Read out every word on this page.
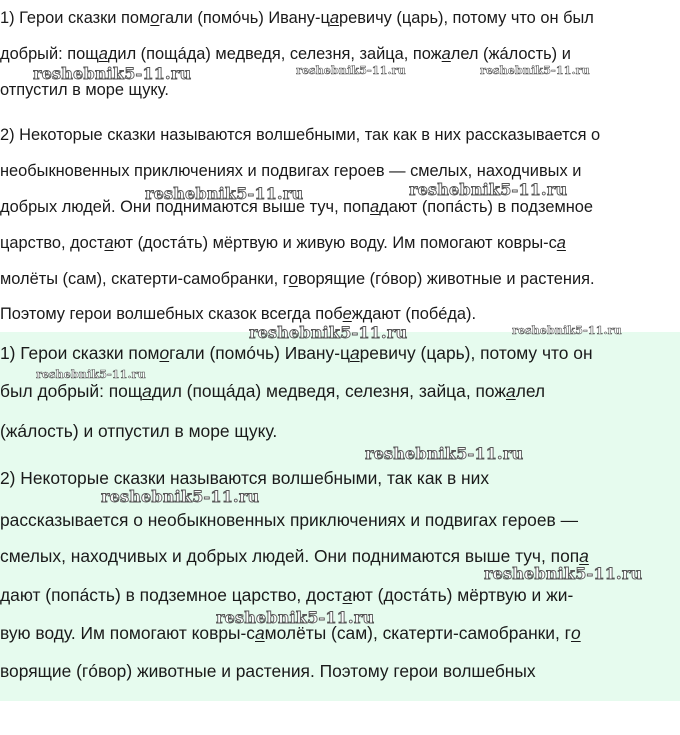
1) Герои сказки помогали (помóчь) Ивану-царевичу (царь), потому что он был
добрый: пощадил (пощáда) медведя, селезня, зайца, пожалел (жáлость) и
отпустил в море щуку.
2) Некоторые сказки называются волшебными, так как в них рассказывается о
необыкновенных приключениях и подвигах героев — смелых, находчивых и
добрых людей. Они поднимаются выше туч, попадают (попáсть) в подземное
царство, достают (достáть) мёртвую и живую воду. Им помогают ковры-са
молёты (сам), скатерти-самобранки, говорящие (гóвор) животные и растения.
Поэтому герои волшебных сказок всегда побеждают (побéда).
1) Герои сказки помогали (помóчь) Ивану-царевичу (царь), потому что он
был добрый: пощадил (пощáда) медведя, селезня, зайца, пожалел
(жáлость) и отпустил в море щуку.
2) Некоторые сказки называются волшебными, так как в них
рассказывается о необыкновенных приключениях и подвигах героев —
смелых, находчивых и добрых людей. Они поднимаются выше туч, попа
дают (попáсть) в подземное царство, достают (достáть) мёртвую и жи-
вую воду. Им помогают ковры-самолёты (сам), скатерти-самобранки, го
ворящие (гóвор) животные и растения. Поэтому герои волшебных
reshebnik5-11.ru	reshebnik5-11.ru	reshebnik5-11.ru
reshebnik5-11.ru	reshebnik5-11.ru
reshebnik5-11.ru	reshebnik5-11.ru
reshebnik5-11.ru
reshebnik5-11.ru
reshebnik5-11.ru
reshebnik5-11.ru
reshebnik5-11.ru
